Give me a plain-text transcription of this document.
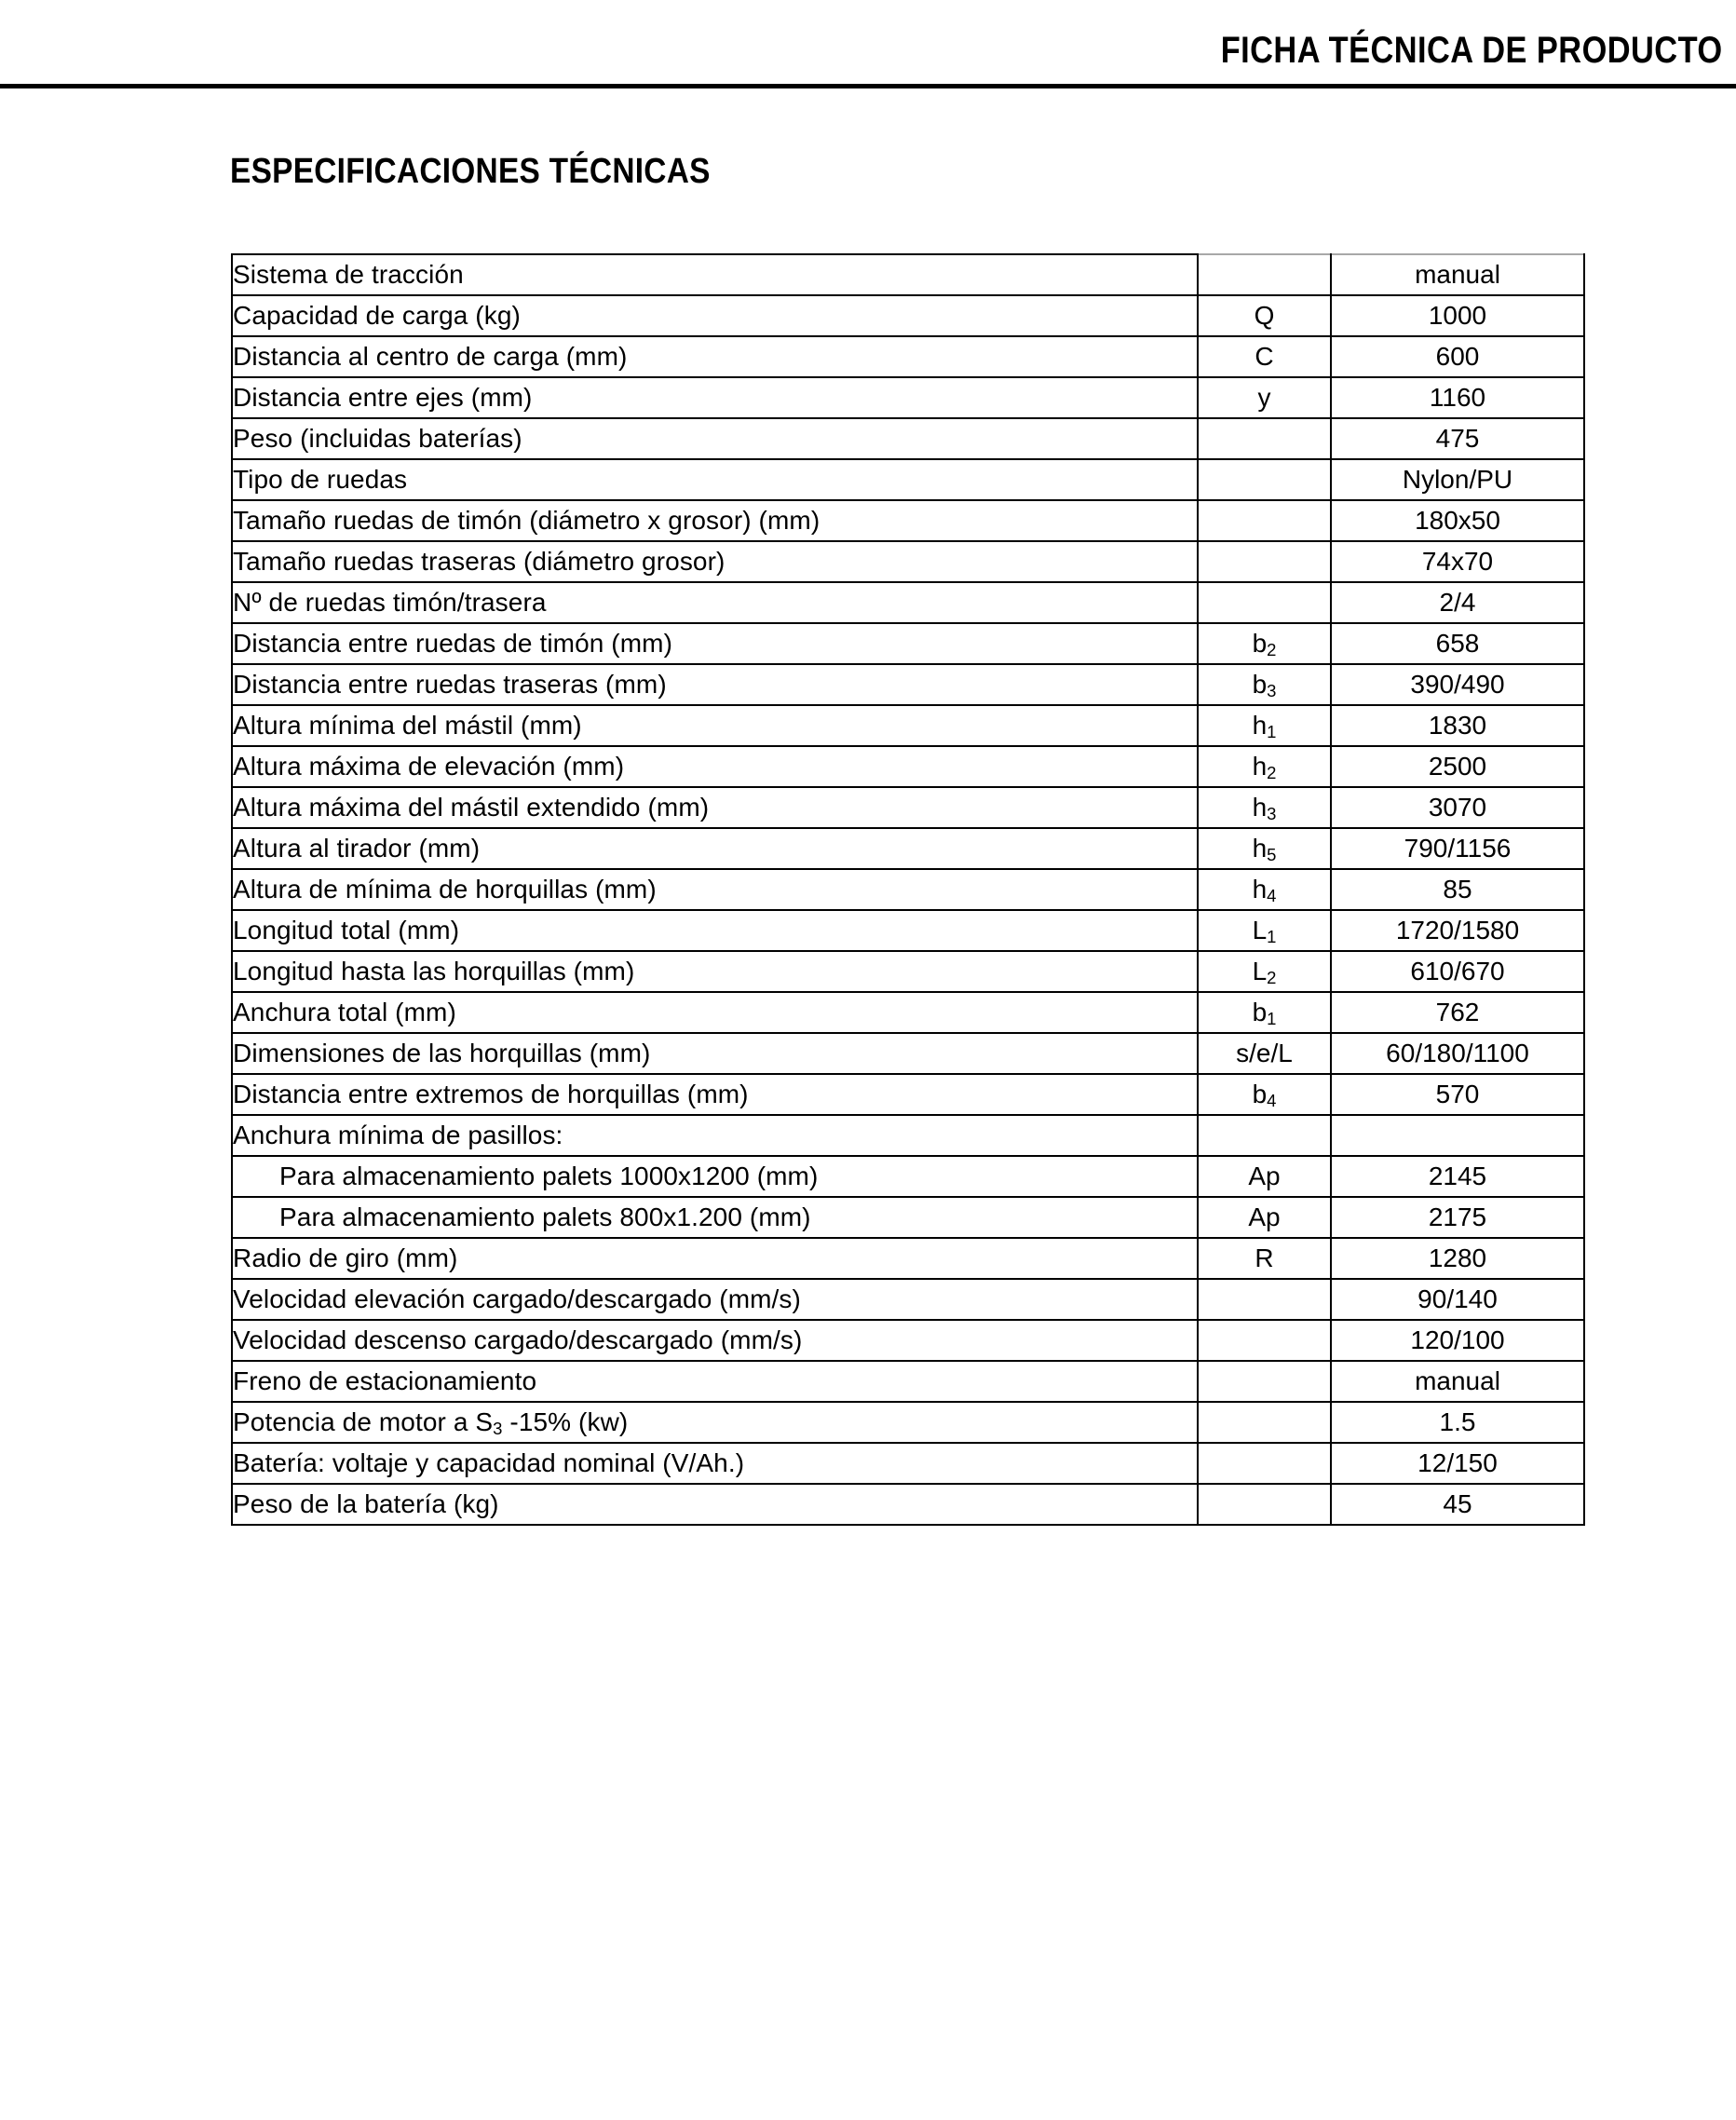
FICHA TÉCNICA DE PRODUCTO
ESPECIFICACIONES TÉCNICAS
Sistema de tracción		manual
Capacidad de carga (kg)	Q	1000
Distancia al centro de carga (mm)	C	600
Distancia entre ejes (mm)	y	1160
Peso (incluidas baterías)		475
Tipo de ruedas		Nylon/PU
Tamaño ruedas de timón (diámetro x grosor) (mm)		180x50
Tamaño ruedas traseras (diámetro grosor)		74x70
Nº de ruedas timón/trasera		2/4
Distancia entre ruedas de timón (mm)	$b_2$	658
Distancia entre ruedas traseras (mm)	$b_3$	390/490
Altura mínima del mástil (mm)	$h_1$	1830
Altura máxima de elevación (mm)	$h_2$	2500
Altura máxima del mástil extendido (mm)	$h_3$	3070
Altura al tirador (mm)	$h_5$	790/1156
Altura de mínima de horquillas (mm)	$h_4$	85
Longitud total (mm)	$L_1$	1720/1580
Longitud hasta las horquillas (mm)	$L_2$	610/670
Anchura total (mm)	$b_1$	762
Dimensiones de las horquillas (mm)	s/e/L	60/180/1100
Distancia entre extremos de horquillas (mm)	$b_4$	570
Anchura mínima de pasillos:		
Para almacenamiento palets 1000x1200 (mm)	Ap	2145
Para almacenamiento palets 800x1.200 (mm)	Ap	2175
Radio de giro (mm)	R	1280
Velocidad elevación cargado/descargado (mm/s)		90/140
Velocidad descenso cargado/descargado (mm/s)		120/100
Freno de estacionamiento		manual
Potencia de motor a $S_3$ -15% (kw)		1.5
Batería: voltaje y capacidad nominal (V/Ah.)		12/150
Peso de la batería (kg)		45
